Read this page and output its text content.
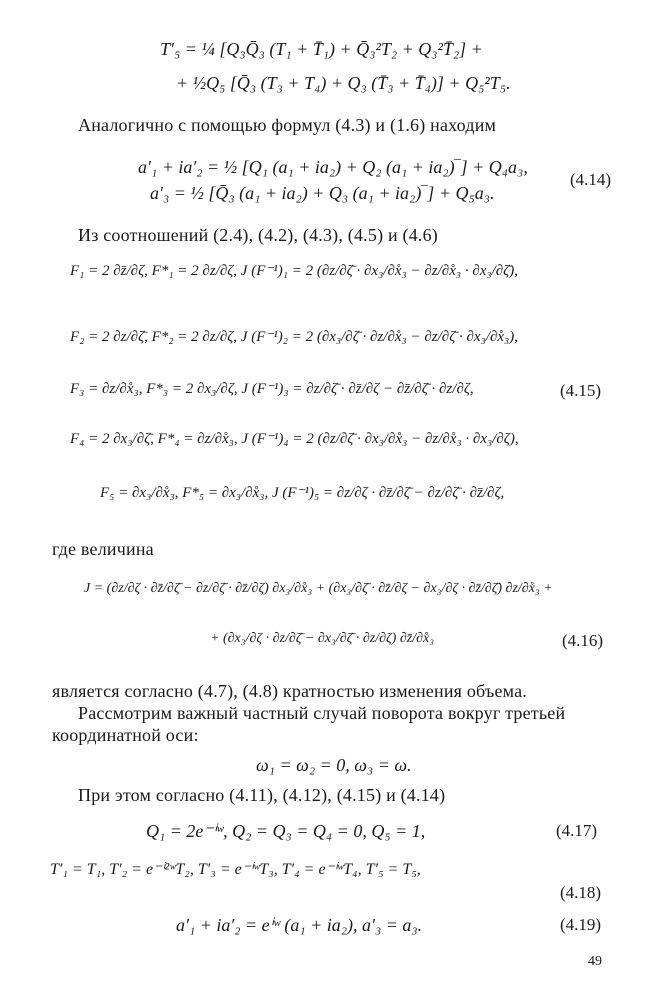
T′₅ = ¼ [Q₃Q̄₃ (T₁ + T̄₁) + Q̄₃²T₂ + Q₃²T̄₂] +
+ ½Q₅ [Q̄₃ (T₃ + T₄) + Q₃ (T̄₃ + T̄₄)] + Q₅²T₅.
Аналогично с помощью формул (4.3) и (1.6) находим
a′₁ + ia′₂ = ½ [Q₁ (a₁ + ia₂) + Q₂ (a₁ + ia₂)‾] + Q₄a₃,
(4.14)
a′₃ = ½ [Q̄₃ (a₁ + ia₂) + Q₃ (a₁ + ia₂)‾] + Q₅a₃.
Из соотношений (2.4), (4.2), (4.3), (4.5) и (4.6)
F₁ = 2 ∂z̄/∂ζ, F*₁ = 2 ∂z/∂ζ, J (F⁻¹)₁ = 2 (∂z/∂ζ̄ · ∂x₃/∂x̊₃ − ∂z/∂x̊₃ · ∂x₃/∂ζ̄),
F₂ = 2 ∂z/∂ζ̄, F*₂ = 2 ∂z/∂ζ, J (F⁻¹)₂ = 2 (∂x₃/∂ζ̄ · ∂z/∂x̊₃ − ∂z/∂ζ̄ · ∂x₃/∂x̊₃),
F₃ = ∂z/∂x̊₃, F*₃ = 2 ∂x₃/∂ζ, J (F⁻¹)₃ = ∂z/∂ζ̄ · ∂z̄/∂ζ − ∂z̄/∂ζ̄ · ∂z/∂ζ,	(4.15)
F₄ = 2 ∂x₃/∂ζ̄, F*₄ = ∂z/∂x̊₃, J (F⁻¹)₄ = 2 (∂z/∂ζ̄ · ∂x₃/∂x̊₃ − ∂z/∂x̊₃ · ∂x₃/∂ζ),
F₅ = ∂x₃/∂x̊₃, F*₅ = ∂x₃/∂x̊₃, J (F⁻¹)₅ = ∂z/∂ζ · ∂z̄/∂ζ̄ − ∂z/∂ζ̄ · ∂z̄/∂ζ,
где величина
J = (∂z/∂ζ · ∂z̄/∂ζ̄ − ∂z/∂ζ̄ · ∂z̄/∂ζ) ∂x₃/∂x̊₃ + (∂x₃/∂ζ̄ · ∂z̄/∂ζ − ∂x₃/∂ζ · ∂z̄/∂ζ̄) ∂z/∂x̊₃ +
+ (∂x₃/∂ζ · ∂z/∂ζ̄ − ∂x₃/∂ζ̄ · ∂z/∂ζ) ∂z̄/∂x̊₃	(4.16)
является согласно (4.7), (4.8) кратностью изменения объема.
Рассмотрим важный частный случай поворота вокруг третьей
координатной оси:
ω₁ = ω₂ = 0, ω₃ = ω.
При этом согласно (4.11), (4.12), (4.15) и (4.14)
Q₁ = 2e⁻ⁱʷ, Q₂ = Q₃ = Q₄ = 0, Q₅ = 1,	(4.17)
T′₁ = T₁, T′₂ = e⁻ⁱ²ʷT₂, T′₃ = e⁻ⁱʷT₃, T′₄ = e⁻ⁱʷT₄, T′₅ = T₅,
(4.18)
a′₁ + ia′₂ = eⁱʷ (a₁ + ia₂), a′₃ = a₃.	(4.19)
49
